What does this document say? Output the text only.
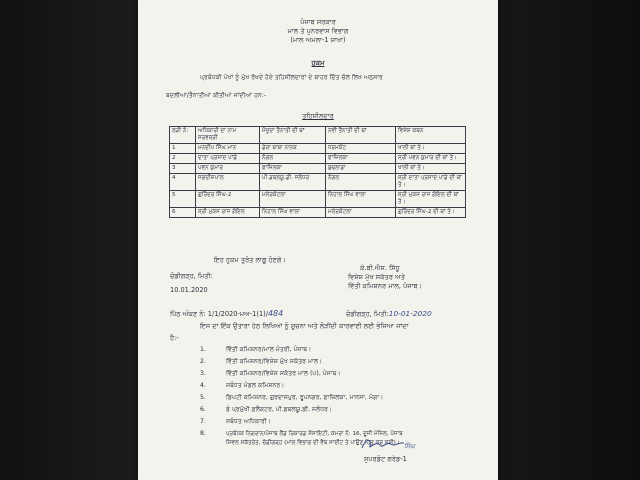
ਪੰਜਾਬ ਸਰਕਾਰ
ਮਾਲ ਤੇ ਪੁਨਰਵਾਸ ਵਿਭਾਗ
(ਮਾਲ ਅਮਲਾ-1 ਸ਼ਾਖਾ)
ਹੁਕਮ
ਪ੍ਰਬੰਧਕੀ ਪੱਖਾਂ ਨੂੰ ਮੁੱਖ ਰੱਖਦੇ ਹੋਏ ਤਹਿਸੀਲਦਾਰਾਂ ਦੇ ਬਾਹਰ ਦਿੱਤ ਚੱਲ ਲਿਖ ਅਨੁਸਾਰ
ਬਦਲੀਆਂ/ਤੈਨਾਤੀਆਂ ਕੀਤੀਆਂ ਜਾਂਦੀਆਂ ਹਨ:-
ਤਹਿਸੀਲਦਾਰ
ਲੜੀ ਨੰ:	ਅਧਿਕਾਰੀ ਦਾ ਨਾਮ ਸਰਵਸ਼੍ਰੀ	ਮੌਜੂਦਾ ਤੈਨਾਤੀ ਦੀ ਥਾਂ	ਨਵੀਂ ਤੈਨਾਤੀ ਦੀ ਥਾਂ	ਵਿਸ਼ੇਸ਼ ਕਥਨ
1	ਮਨਦੀਪ ਸਿੰਘ ਮਾਨ	ਡੇਰਾ ਬਾਬਾ ਨਾਨਕ	ਧਰਮਕੋਟ	ਖਾਲੀ ਥਾਂ ਤੇ।
2	ਦਾਤਾ ਪ੍ਰਸਾਦ ਪਾਂਡੇ	ਨੰਗਲ	ਫਾਜ਼ਿਲਕਾ	ਸ੍ਰੀ ਪਵਨ ਕੁਮਾਰ ਦੀ ਥਾਂ ਤੇ।
3	ਪਵਨ ਕੁਮਾਰ	ਫਾਜ਼ਿਲਕਾ	ਬੁਢਲਾਡਾ	ਖਾਲੀ ਥਾਂ ਤੇ।
4	ਜਗਦੀਸ਼ਪਾਲ	ਪੀ.ਡਬਲਯੂ.ਡੀ. ਜਲੰਧਰ	ਨੰਗਲ	ਸ੍ਰੀ ਦਾਤਾ ਪ੍ਰਸਾਦ ਪਾਂਡੇ ਦੀ ਥਾਂ ਤੇ।
5	ਗੁਰਿੰਦਰ ਸਿੰਘ-2	ਮਲੇਰਕੋਟਲਾ	ਨਿਹਾਲ ਸਿੰਘ ਵਾਲਾ	ਸ੍ਰੀ ਮੁਕਸ ਰਾਜ ਗੋਇਲ ਦੀ ਥਾਂ ਤੇ।
6	ਸ੍ਰੀ ਮੁਕਸ ਰਾਜ ਗੋਇਲ	ਨਿਹਾਲ ਸਿੰਘ ਵਾਲਾ	ਮਲੇਰਕੋਟਲਾ	ਗੁਰਿੰਦਰ ਸਿੰਘ-2 ਦੀ ਥਾਂ ਤੇ।
ਇਹ ਹੁਕਮ ਤੁਰੰਤ ਲਾਗੂ ਹੋਣਗੇ।
ਚੰਡੀਗੜ੍ਹ, ਮਿਤੀ:
10.01.2020
ਕੇ.ਬੀ.ਐਸ. ਸਿੱਧੂ
ਵਿਸ਼ੇਸ਼ ਮੁੱਖ ਸਕੱਤਰ ਅਤੇ
ਵਿੱਤੀ ਕਮਿਸ਼ਨਰ ਮਾਲ, ਪੰਜਾਬ।
ਪਿੱਠ ਅੰਕਣ ਨੰ: 1/1/2020-ਮਅ-1(1)/484	ਚੰਡੀਗੜ੍ਹ, ਮਿਤੀ:10-01-2020
ਇਸ ਦਾ ਇੱਕ ਉਤਾਰਾ ਹੇਠ ਲਿਖਿਆਂ ਨੂੰ ਸੂਚਨਾ ਅਤੇ ਲੋੜੀਂਦੀ ਕਾਰਵਾਈ ਲਈ ਭੇਜਿਆ ਜਾਂਦਾ
ਹੈ:-
1.	ਵਿੱਤੀ ਕਮਿਸ਼ਨਰ/ਮਾਲ ਮੰਤਰੀ, ਪੰਜਾਬ।
2.	ਵਿੱਤੀ ਕਮਿਸ਼ਨਰ/ਵਿਸ਼ੇਸ਼ ਮੁੱਖ ਸਕੱਤਰ ਮਾਲ।
3.	ਵਿੱਤੀ ਕਮਿਸ਼ਨਰ/ਵਿਸ਼ੇਸ਼ ਸਕੱਤਰ ਮਾਲ (ਪ), ਪੰਜਾਬ।
4.	ਸਬੰਧਤ ਮੰਡਲ ਕਮਿਸ਼ਨਰ।
5.	ਡਿਪਟੀ ਕਮਿਸ਼ਨਰ, ਗੁਰਦਾਸਪੁਰ, ਰੂਪਨਗਰ, ਫਾਜ਼ਿਲਕਾ, ਮਾਨਸਾ, ਮੋਗਾ।
6.	ਡੇ ਪ੍ਰਮੁੱਖੀ ਫ਼ਲੈਕਟਰ, ਪੀ.ਡਬਲਯੂ.ਡੀ. ਜਲੰਧਰ।
7.	ਸਬੰਧਤ ਅਧਿਕਾਰੀ।
8.	ਪ੍ਰਬੰਧਕ ਨਿਗਰਾਨ/ਪੰਜਾਬ ਲੈਂਡ ਰਿਕਾਰਡ ਸੋਸਾਇਟੀ, ਕਮਰਾ ਨੰ: 16, ਦੂਜੀ ਮੰਜ਼ਿਲ, ਪੰਜਾਬ
ਸਿਵਲ ਸਕੱਤਰੇਤ, ਚੰਡੀਗੜ੍ਹ (ਮਾਲ ਵਿਭਾਗ ਦੀ ਵੈਬ ਸਾਈਟ ਤੇ ਪਾਉਣ ਹਿਤ ਕਰ ਲਈ)। ਸਿੰਘ
ਸੁਪਰਡੰਟ ਗਰੇਡ-1
